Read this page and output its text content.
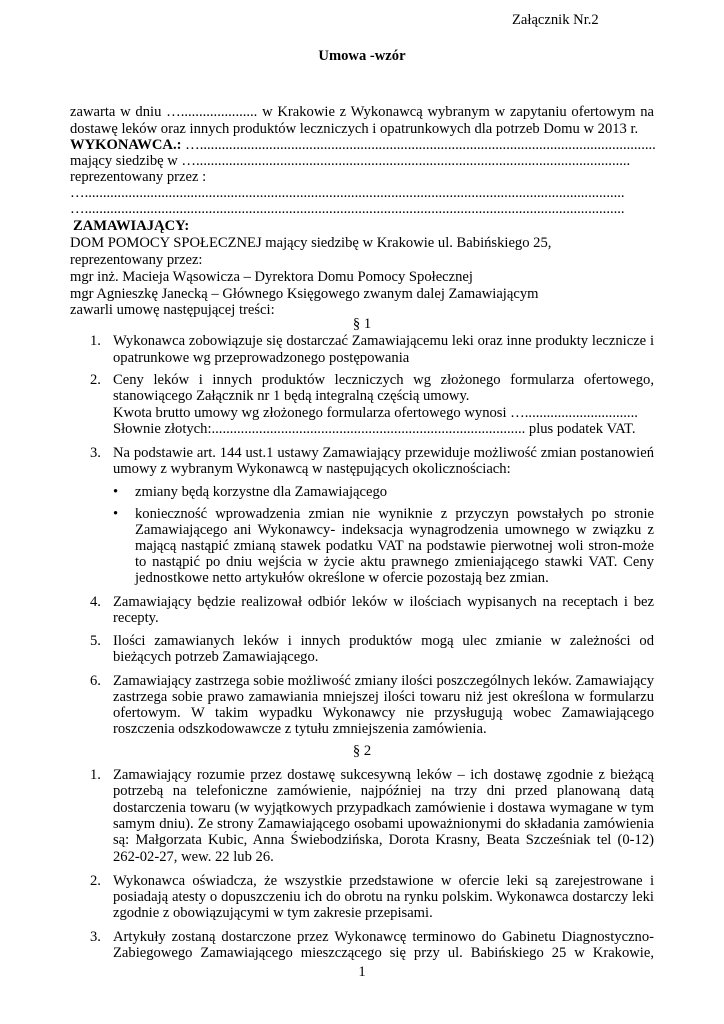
Załącznik Nr.2
Umowa -wzór
zawarta w dniu …..................... w Krakowie z Wykonawcą wybranym w zapytaniu ofertowym na
dostawę leków oraz innych produktów leczniczych i opatrunkowych dla potrzeb Domu w 2013 r.
WYKONAWCA.: ….............................................................................................................................
mający siedzibę w ….......................................................................................................................
reprezentowany przez :
…....................................................................................................................................................
…....................................................................................................................................................
ZAMAWIAJĄCY:
DOM POMOCY SPOŁECZNEJ mający siedzibę w Krakowie ul. Babińskiego 25,
reprezentowany przez:
mgr inż. Macieja Wąsowicza – Dyrektora Domu Pomocy Społecznej
mgr Agnieszkę Janecką – Głównego Księgowego zwanym dalej Zamawiającym
zawarli umowę następującej treści:
§ 1
1. Wykonawca zobowiązuje się dostarczać Zamawiającemu leki oraz inne produkty lecznicze i
opatrunkowe wg przeprowadzonego postępowania
2. Ceny leków i innych produktów leczniczych wg złożonego formularza ofertowego,
stanowiącego Załącznik nr 1 będą integralną częścią umowy.
Kwota brutto umowy wg złożonego formularza ofertowego wynosi …...............................
Słownie złotych:...................................................................................... plus podatek VAT.
3. Na podstawie art. 144 ust.1 ustawy Zamawiający przewiduje możliwość zmian postanowień
umowy z wybranym Wykonawcą w następujących okolicznościach:
• zmiany będą korzystne dla Zamawiającego
• konieczność wprowadzenia zmian nie wyniknie z przyczyn powstałych po stronie
Zamawiającego ani Wykonawcy- indeksacja wynagrodzenia umownego w związku z
mającą nastąpić zmianą stawek podatku VAT na podstawie pierwotnej woli stron-może
to nastąpić po dniu wejścia w życie aktu prawnego zmieniającego stawki VAT. Ceny
jednostkowe netto artykułów określone w ofercie pozostają bez zmian.
4. Zamawiający będzie realizował odbiór leków w ilościach wypisanych na receptach i bez
recepty.
5. Ilości zamawianych leków i innych produktów mogą ulec zmianie w zależności od
bieżących potrzeb Zamawiającego.
6. Zamawiający zastrzega sobie możliwość zmiany ilości poszczególnych leków. Zamawiający
zastrzega sobie prawo zamawiania mniejszej ilości towaru niż jest określona w formularzu
ofertowym. W takim wypadku Wykonawcy nie przysługują wobec Zamawiającego
roszczenia odszkodowawcze z tytułu zmniejszenia zamówienia.
§ 2
1. Zamawiający rozumie przez dostawę sukcesywną leków – ich dostawę zgodnie z bieżącą
potrzebą na telefoniczne zamówienie, najpóźniej na trzy dni przed planowaną datą
dostarczenia towaru (w wyjątkowych przypadkach zamówienie i dostawa wymagane w tym
samym dniu). Ze strony Zamawiającego osobami upoważnionymi do składania zamówienia
są: Małgorzata Kubic, Anna Świebodzińska, Dorota Krasny, Beata Szcześniak tel (0-12)
262-02-27, wew. 22 lub 26.
2. Wykonawca oświadcza, że wszystkie przedstawione w ofercie leki są zarejestrowane i
posiadają atesty o dopuszczeniu ich do obrotu na rynku polskim. Wykonawca dostarczy leki
zgodnie z obowiązującymi w tym zakresie przepisami.
3. Artykuły zostaną dostarczone przez Wykonawcę terminowo do Gabinetu Diagnostyczno-
Zabiegowego Zamawiającego mieszczącego się przy ul. Babińskiego 25 w Krakowie,
1
